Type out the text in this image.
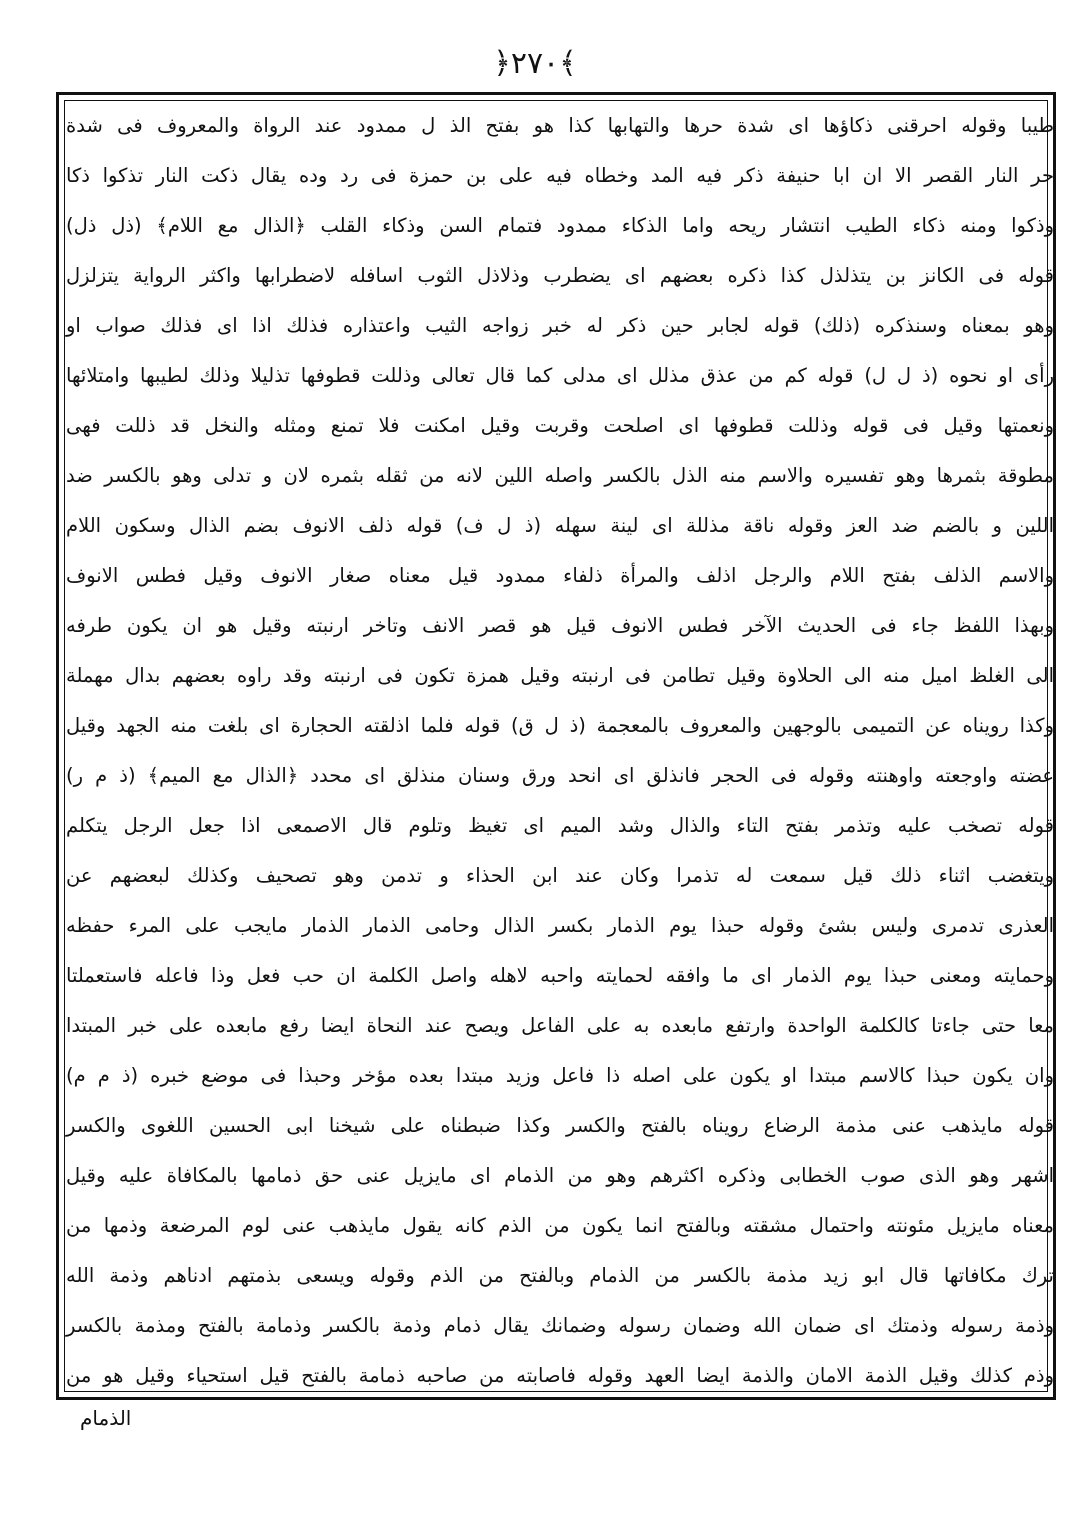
﴿٢٧٠﴾
طيبا وقوله احرقنى ذكاؤها اى شدة حرها والتهابها كذا هو بفتح الذ ل ممدود عند الرواة والمعروف فى شدة
حر النار القصر الا ان ابا حنيفة ذكر فيه المد وخطاه فيه على بن حمزة فى رد وده يقال ذكت النار تذكوا ذكا
وذكوا ومنه ذكاء الطيب انتشار ريحه واما الذكاء ممدود فتمام السن وذكاء القلب ﴿الذال مع اللام﴾ (ذل ذل)
قوله فى الكانز بن يتذلذل كذا ذكره بعضهم اى يضطرب وذلاذل الثوب اسافله لاضطرابها واكثر الرواية يتزلزل
وهو بمعناه وسنذكره (ذلك) قوله لجابر حين ذكر له خبر زواجه الثيب واعتذاره فذلك اذا اى فذلك صواب او
رأى او نحوه (ذ ل ل) قوله كم من عذق مذلل اى مدلى كما قال تعالى وذللت قطوفها تذليلا وذلك لطيبها وامتلائها
ونعمتها وقيل فى قوله وذللت قطوفها اى اصلحت وقربت وقيل امكنت فلا تمنع ومثله والنخل قد ذللت فهى
مطوقة بثمرها وهو تفسيره والاسم منه الذل بالكسر واصله اللين لانه من ثقله بثمره لان و تدلى وهو بالكسر ضد
اللين و بالضم ضد العز وقوله ناقة مذللة اى لينة سهله (ذ ل ف) قوله ذلف الانوف بضم الذال وسكون اللام
والاسم الذلف بفتح اللام والرجل اذلف والمرأة ذلفاء ممدود قيل معناه صغار الانوف وقيل فطس الانوف
وبهذا اللفظ جاء فى الحديث الآخر فطس الانوف قيل هو قصر الانف وتاخر ارنبته وقيل هو ان يكون طرفه
الى الغلظ اميل منه الى الحلاوة وقيل تطامن فى ارنبته وقيل همزة تكون فى ارنبته وقد راوه بعضهم بدال مهملة
وكذا رويناه عن التميمى بالوجهين والمعروف بالمعجمة (ذ ل ق) قوله فلما اذلقته الحجارة اى بلغت منه الجهد وقيل
عضته واوجعته واوهنته وقوله فى الحجر فانذلق اى انحد ورق وسنان منذلق اى محدد ﴿الذال مع الميم﴾ (ذ م ر)
قوله تصخب عليه وتذمر بفتح التاء والذال وشد الميم اى تغيظ وتلوم قال الاصمعى اذا جعل الرجل يتكلم
ويتغضب اثناء ذلك قيل سمعت له تذمرا وكان عند ابن الحذاء و تدمن وهو تصحيف وكذلك لبعضهم عن
العذرى تدمرى وليس بشئ وقوله حبذا يوم الذمار بكسر الذال وحامى الذمار الذمار مايجب على المرء حفظه
وحمايته ومعنى حبذا يوم الذمار اى ما وافقه لحمايته واحبه لاهله واصل الكلمة ان حب فعل وذا فاعله فاستعملتا
معا حتى جاءتا كالكلمة الواحدة وارتفع مابعده به على الفاعل ويصح عند النحاة ايضا رفع مابعده على خبر المبتدا
وان يكون حبذا كالاسم مبتدا او يكون على اصله ذا فاعل وزيد مبتدا بعده مؤخر وحبذا فى موضع خبره (ذ م م)
قوله مايذهب عنى مذمة الرضاع رويناه بالفتح والكسر وكذا ضبطناه على شيخنا ابى الحسين اللغوى والكسر
اشهر وهو الذى صوب الخطابى وذكره اكثرهم وهو من الذمام اى مايزيل عنى حق ذمامها بالمكافاة عليه وقيل
معناه مايزيل مئونته واحتمال مشقته وبالفتح انما يكون من الذم كانه يقول مايذهب عنى لوم المرضعة وذمها من
ترك مكافاتها قال ابو زيد مذمة بالكسر من الذمام وبالفتح من الذم وقوله ويسعى بذمتهم ادناهم وذمة الله
وذمة رسوله وذمتك اى ضمان الله وضمان رسوله وضمانك يقال ذمام وذمة بالكسر وذمامة بالفتح ومذمة بالكسر
وذم كذلك وقيل الذمة الامان والذمة ايضا العهد وقوله فاصابته من صاحبه ذمامة بالفتح قيل استحياء وقيل هو من
الذمام
